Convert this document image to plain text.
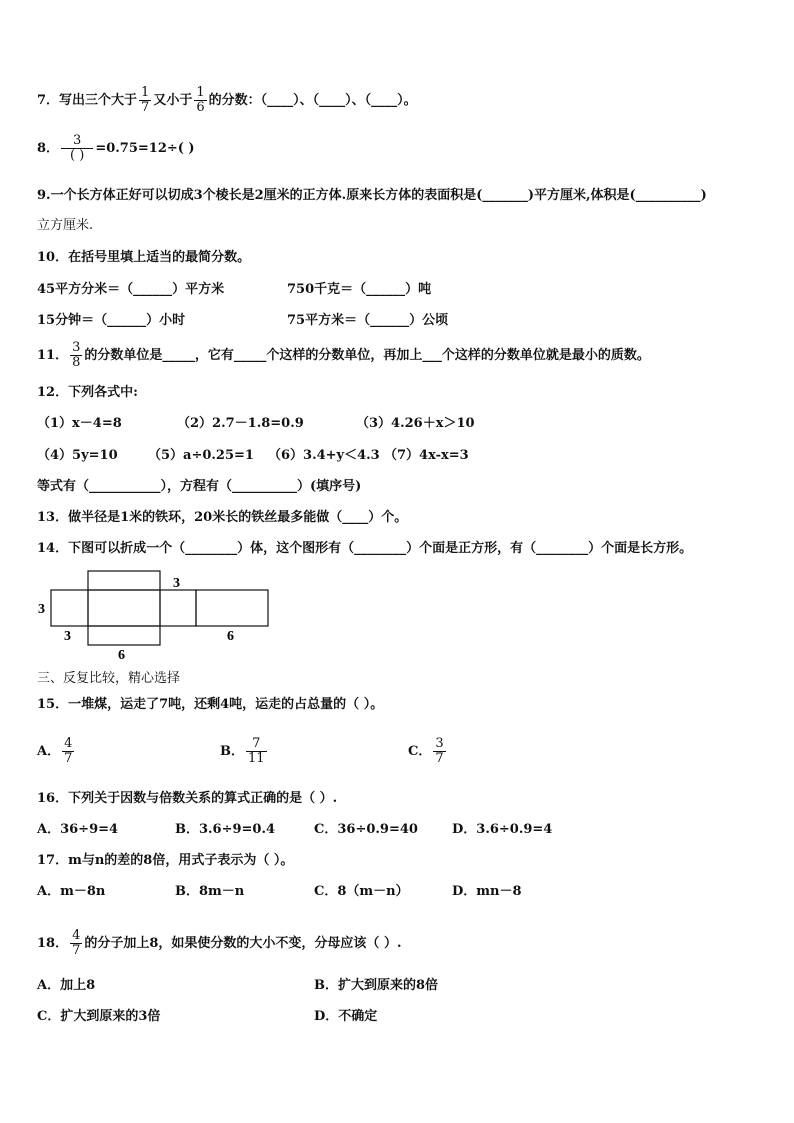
7．写出三个大于 $\frac{1}{7}$ 又小于 $\frac{1}{6}$ 的分数：（____）、（____）、（____）。
8． $\frac{3}{( )} =0.75=12\div$( )
9.一个长方体正好可以切成3个棱长是2厘米的正方体.原来长方体的表面积是(_______)平方厘米,体积是(__________)
立方厘米.
10．在括号里填上适当的最简分数。
45平方分米＝（______）平方米	750千克＝（______）吨
15分钟＝（______）小时	75平方米＝（______）公顷
11． $\frac{3}{8}$ 的分数单位是_____，它有_____个这样的分数单位，再加上___个这样的分数单位就是最小的质数。
12．下列各式中:
（1）x－4=8	（2）2.7－1.8=0.9	（3）4.26＋x＞10
（4）5y=10 （5）a÷0.25=1 （6）3.4+y＜4.3 （7）4x-x=3
等式有（___________），方程有（__________）(填序号)
13．做半径是1米的铁环，20米长的铁丝最多能做（____）个。
14．下图可以折成一个（________）体，这个图形有（________）个面是正方形，有（________）个面是长方形。
3
3
3	6
6
三、反复比较，精心选择
15．一堆煤，运走了7吨，还剩4吨，运走的占总量的（ ）。
A． $\frac{4}{7}$	B． $\frac{7}{11}$	C． $\frac{3}{7}$
16．下列关于因数与倍数关系的算式正确的是（ ）.
A．36÷9=4	B．3.6÷9=0.4	C．36÷0.9=40	D．3.6÷0.9=4
17．m与n的差的8倍，用式子表示为（ ）。
A．m－8n	B．8m－n	C．8（m－n）	D．mn－8
18． $\frac{4}{7}$ 的分子加上8，如果使分数的大小不变，分母应该（ ）.
A．加上8	B．扩大到原来的8倍
C．扩大到原来的3倍	D．不确定
